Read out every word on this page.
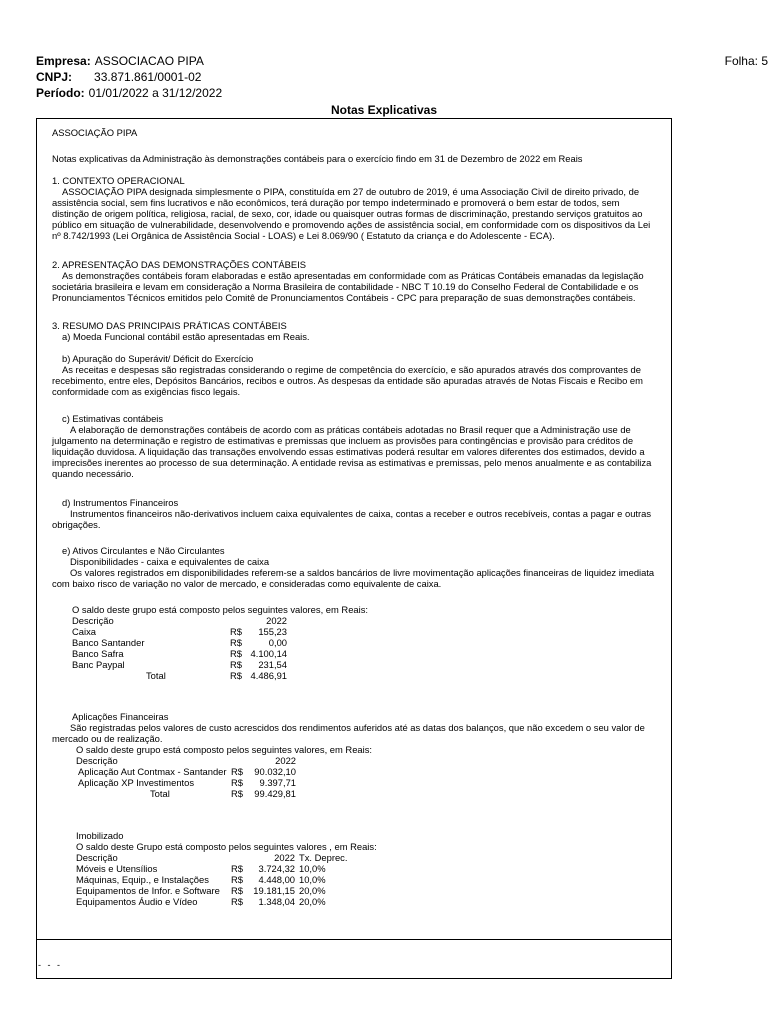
Empresa: ASSOCIACAO PIPA
CNPJ: 33.871.861/0001-02
Período: 01/01/2022 a 31/12/2022
Folha: 5
Notas Explicativas
ASSOCIAÇÃO PIPA
Notas explicativas da Administração às demonstrações contábeis para o exercício findo em 31 de Dezembro de 2022 em Reais
1. CONTEXTO OPERACIONAL
ASSOCIAÇÃO PIPA designada simplesmente o PIPA, constituída em 27 de outubro de 2019, é uma Associação Civil de direito privado, de assistência social, sem fins lucrativos e não econômicos, terá duração por tempo indeterminado e promoverá o bem estar de todos, sem distinção de origem política, religiosa, racial, de sexo, cor, idade ou quaisquer outras formas de discriminação, prestando serviços gratuitos ao público em situação de vulnerabilidade, desenvolvendo e promovendo ações de assistência social, em conformidade com os dispositivos da Lei nº 8.742/1993 (Lei Orgânica de Assistência Social - LOAS) e Lei 8.069/90 ( Estatuto da criança e do Adolescente - ECA).
2. APRESENTAÇÃO DAS DEMONSTRAÇÕES CONTÁBEIS
As demonstrações contábeis foram elaboradas e estão apresentadas em conformidade com as Práticas Contábeis emanadas da legislação societária brasileira e levam em consideração a Norma Brasileira de contabilidade - NBC T 10.19 do Conselho Federal de Contabilidade e os Pronunciamentos Técnicos emitidos pelo Comitê de Pronunciamentos Contábeis - CPC para preparação de suas demonstrações contábeis.
3. RESUMO DAS PRINCIPAIS PRÁTICAS CONTÁBEIS
a) Moeda Funcional contábil estão apresentadas em Reais.
b) Apuração do Superávit/ Déficit do Exercício
As receitas e despesas são registradas considerando o regime de competência do exercício, e são apurados através dos comprovantes de recebimento, entre eles, Depósitos Bancários, recibos e outros. As despesas da entidade são apuradas através de Notas Fiscais e Recibo em conformidade com as exigências fisco legais.
c) Estimativas contábeis
A elaboração de demonstrações contábeis de acordo com as práticas contábeis adotadas no Brasil requer que a Administração use de julgamento na determinação e registro de estimativas e premissas que incluem as provisões para contingências e provisão para créditos de liquidação duvidosa. A liquidação das transações envolvendo essas estimativas poderá resultar em valores diferentes dos estimados, devido a imprecisões inerentes ao processo de sua determinação. A entidade revisa as estimativas e premissas, pelo menos anualmente e as contabiliza quando necessário.
d) Instrumentos Financeiros
Instrumentos financeiros não-derivativos incluem caixa equivalentes de caixa, contas a receber e outros recebíveis, contas a pagar e outras obrigações.
e) Ativos Circulantes e Não Circulantes
Disponibilidades - caixa e equivalentes de caixa
Os valores registrados em disponibilidades referem-se a saldos bancários de livre movimentação aplicações financeiras de liquidez imediata com baixo risco de variação no valor de mercado, e consideradas como equivalente de caixa.
O saldo deste grupo está composto pelos seguintes valores, em Reais:
Descrição	2022
Caixa	R$	155,23
Banco Santander	R$	0,00
Banco Safra	R$ 4.100,14
Banc Paypal	R$	231,54
Total	R$ 4.486,91
Aplicações Financeiras
São registradas pelos valores de custo acrescidos dos rendimentos auferidos até as datas dos balanços, que não excedem o seu valor de mercado ou de realização.
O saldo deste grupo está composto pelos seguintes valores, em Reais:
Descrição	2022
Aplicação Aut Contmax - Santander R$	90.032,10
Aplicação XP Investimentos	R$	9.397,71
Total	R$	99.429,81
Imobilizado
O saldo deste Grupo está composto pelos seguintes valores , em Reais:
Descrição	2022 Tx. Deprec.
Móveis e Utensílios	R$	3.724,32 10,0%
Máquinas, Equip., e Instalações R$	4.448,00 10,0%
Equipamentos de Infor. e Software R$	19.181,15 20,0%
Equipamentos Áudio e Vídeo	R$	1.348,04 20,0%
- - -
